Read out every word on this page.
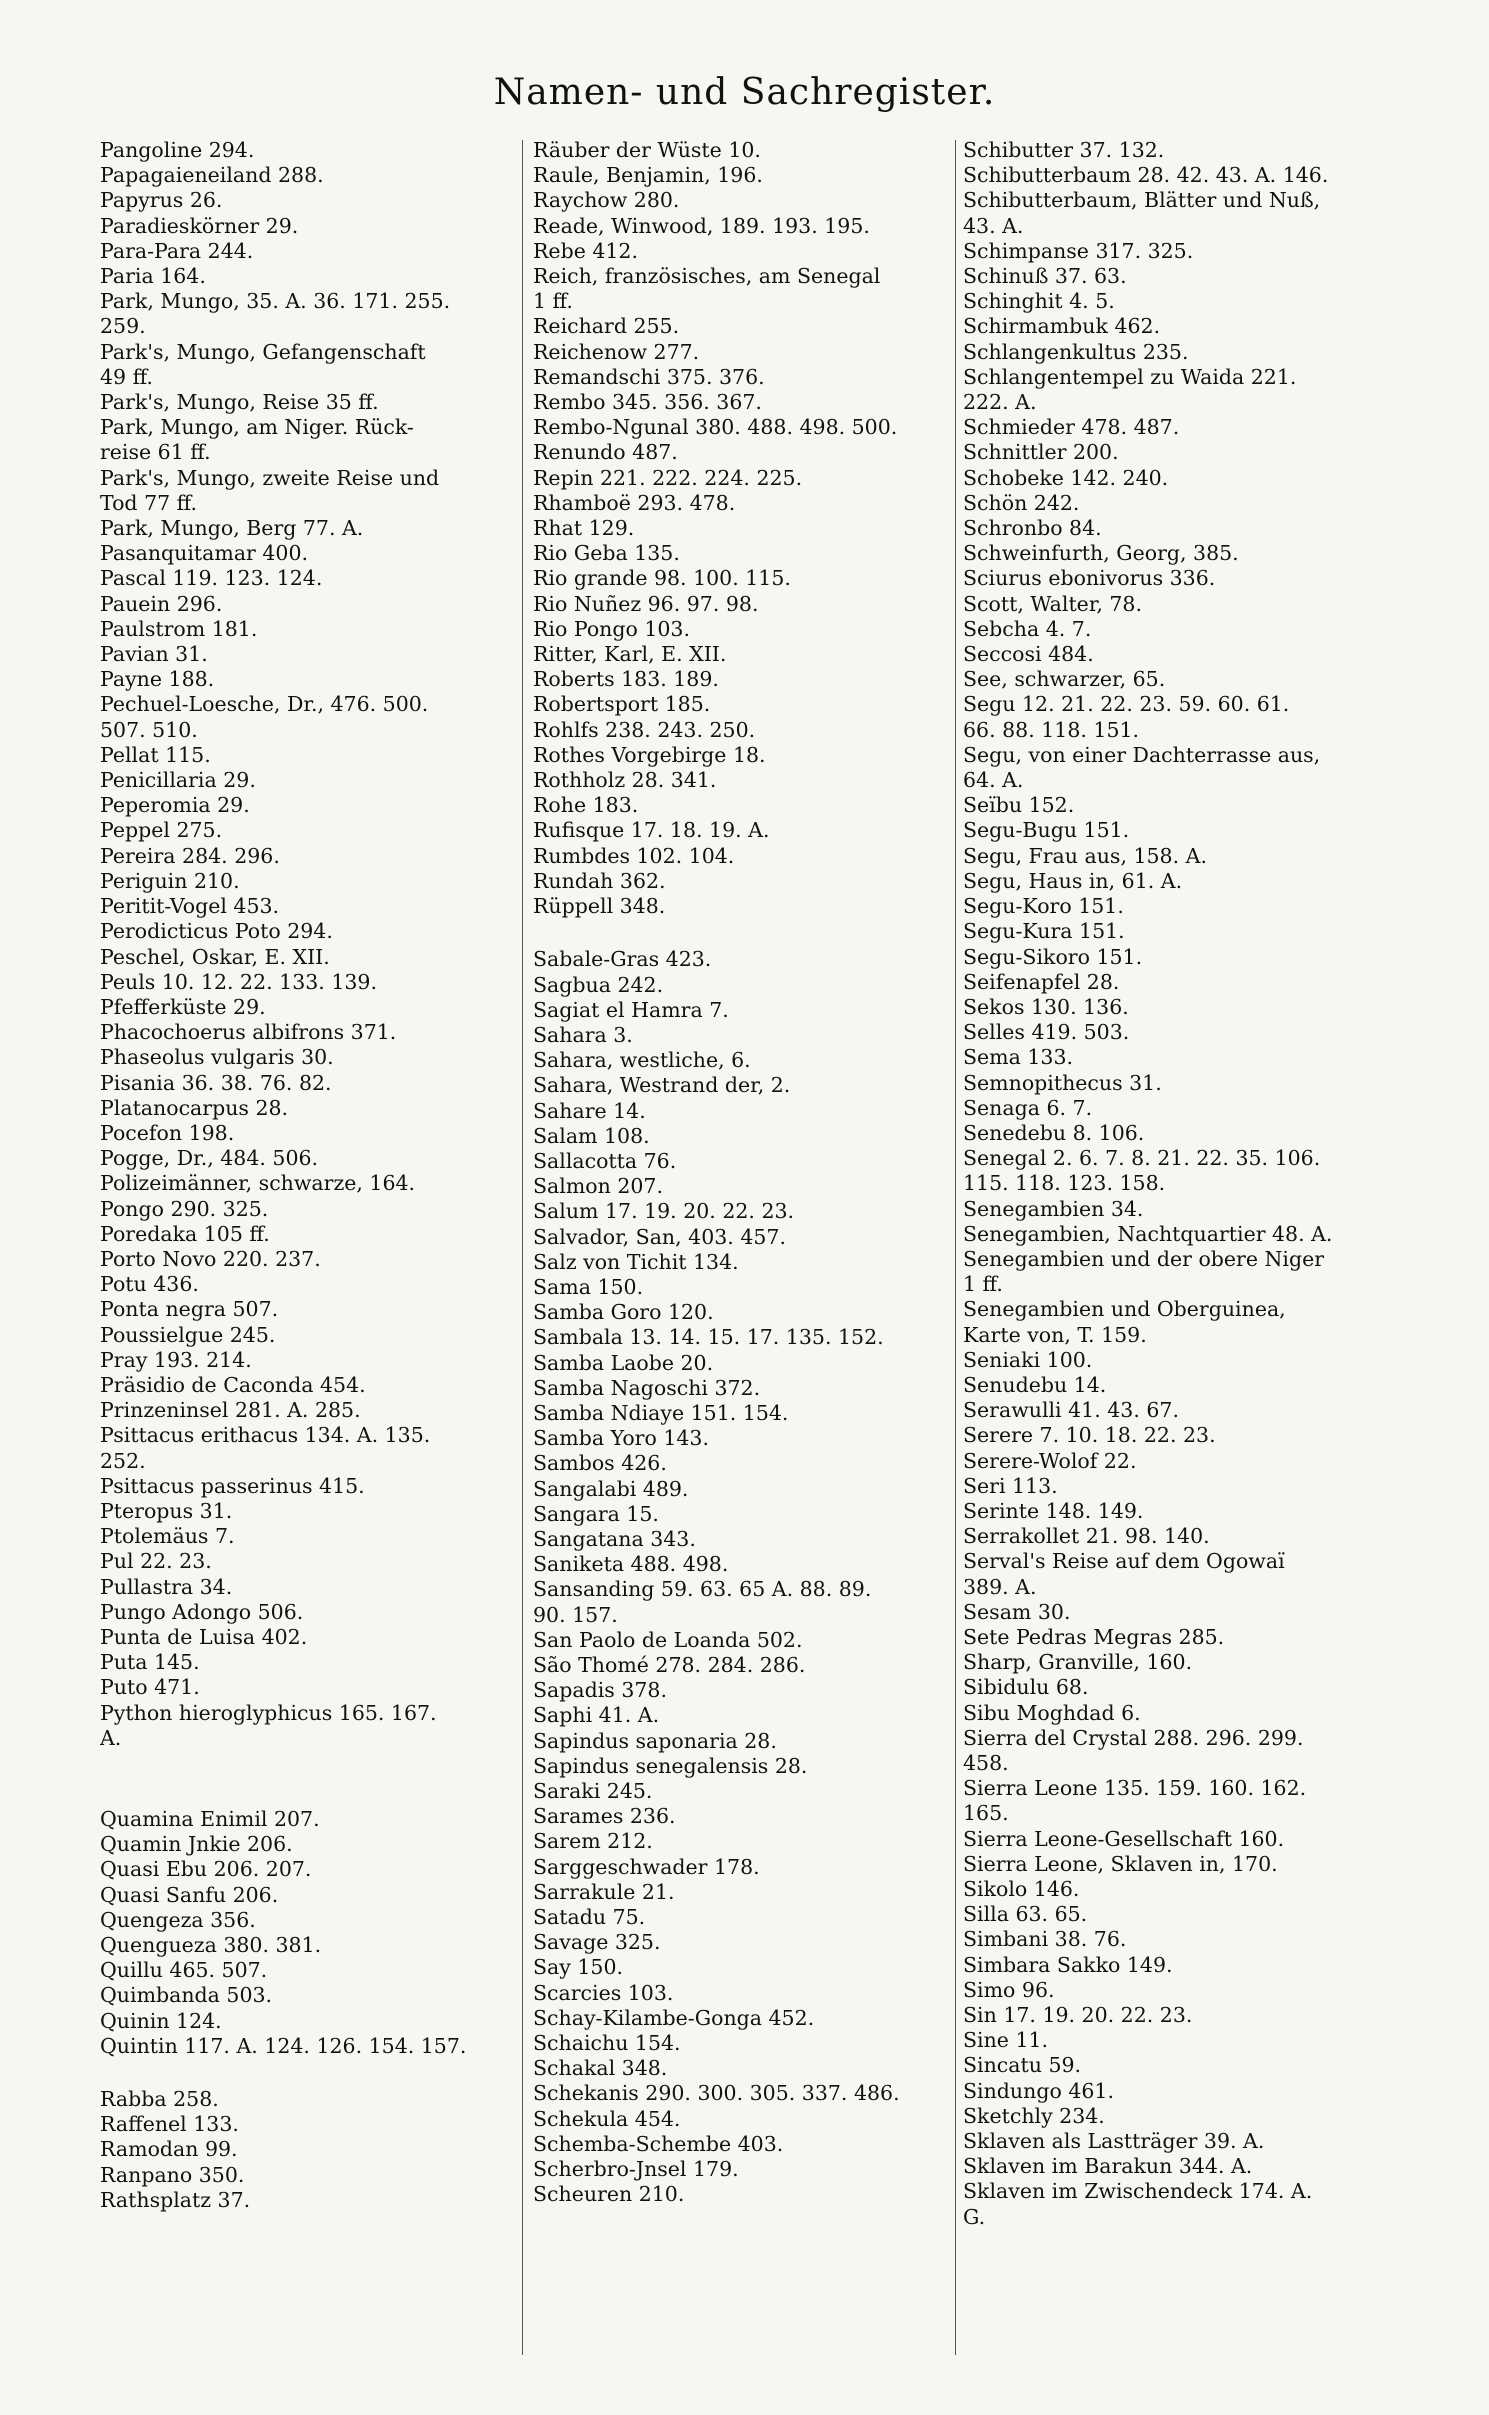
Namen- und Sachregister.
Pangoline 294.
Papagaieneiland 288.
Papyrus 26.
Paradieskörner 29.
Para-Para 244.
Paria 164.
Park, Mungo, 35. A. 36. 171. 255.
259.
Park's, Mungo, Gefangenschaft
49 ff.
Park's, Mungo, Reise 35 ff.
Park, Mungo, am Niger. Rück-
reise 61 ff.
Park's, Mungo, zweite Reise und
Tod 77 ff.
Park, Mungo, Berg 77. A.
Pasanquitamar 400.
Pascal 119. 123. 124.
Pauein 296.
Paulstrom 181.
Pavian 31.
Payne 188.
Pechuel-Loesche, Dr., 476. 500.
507. 510.
Pellat 115.
Penicillaria 29.
Peperomia 29.
Peppel 275.
Pereira 284. 296.
Periguin 210.
Peritit-Vogel 453.
Perodicticus Poto 294.
Peschel, Oskar, E. XII.
Peuls 10. 12. 22. 133. 139.
Pfefferküste 29.
Phacochoerus albifrons 371.
Phaseolus vulgaris 30.
Pisania 36. 38. 76. 82.
Platanocarpus 28.
Pocefon 198.
Pogge, Dr., 484. 506.
Polizeimänner, schwarze, 164.
Pongo 290. 325.
Poredaka 105 ff.
Porto Novo 220. 237.
Potu 436.
Ponta negra 507.
Poussielgue 245.
Pray 193. 214.
Präsidio de Caconda 454.
Prinzeninsel 281. A. 285.
Psittacus erithacus 134. A. 135.
252.
Psittacus passerinus 415.
Pteropus 31.
Ptolemäus 7.
Pul 22. 23.
Pullastra 34.
Pungo Adongo 506.
Punta de Luisa 402.
Puta 145.
Puto 471.
Python hieroglyphicus 165. 167.
A.
Quamina Enimil 207.
Quamin Jnkie 206.
Quasi Ebu 206. 207.
Quasi Sanfu 206.
Quengeza 356.
Quengueza 380. 381.
Quillu 465. 507.
Quimbanda 503.
Quinin 124.
Quintin 117. A. 124. 126. 154. 157.
Rabba 258.
Raffenel 133.
Ramodan 99.
Ranpano 350.
Rathsplatz 37.
Räuber der Wüste 10.
Raule, Benjamin, 196.
Raychow 280.
Reade, Winwood, 189. 193. 195.
Rebe 412.
Reich, französisches, am Senegal
1 ff.
Reichard 255.
Reichenow 277.
Remandschi 375. 376.
Rembo 345. 356. 367.
Rembo-Ngunal 380. 488. 498. 500.
Renundo 487.
Repin 221. 222. 224. 225.
Rhamboë 293. 478.
Rhat 129.
Rio Geba 135.
Rio grande 98. 100. 115.
Rio Nuñez 96. 97. 98.
Rio Pongo 103.
Ritter, Karl, E. XII.
Roberts 183. 189.
Robertsport 185.
Rohlfs 238. 243. 250.
Rothes Vorgebirge 18.
Rothholz 28. 341.
Rohe 183.
Rufisque 17. 18. 19. A.
Rumbdes 102. 104.
Rundah 362.
Rüppell 348.
Sabale-Gras 423.
Sagbua 242.
Sagiat el Hamra 7.
Sahara 3.
Sahara, westliche, 6.
Sahara, Westrand der, 2.
Sahare 14.
Salam 108.
Sallacotta 76.
Salmon 207.
Salum 17. 19. 20. 22. 23.
Salvador, San, 403. 457.
Salz von Tichit 134.
Sama 150.
Samba Goro 120.
Sambala 13. 14. 15. 17. 135. 152.
Samba Laobe 20.
Samba Nagoschi 372.
Samba Ndiaye 151. 154.
Samba Yoro 143.
Sambos 426.
Sangalabi 489.
Sangara 15.
Sangatana 343.
Saniketa 488. 498.
Sansanding 59. 63. 65 A. 88. 89.
90. 157.
San Paolo de Loanda 502.
São Thomé 278. 284. 286.
Sapadis 378.
Saphi 41. A.
Sapindus saponaria 28.
Sapindus senegalensis 28.
Saraki 245.
Sarames 236.
Sarem 212.
Sarggeschwader 178.
Sarrakule 21.
Satadu 75.
Savage 325.
Say 150.
Scarcies 103.
Schay-Kilambe-Gonga 452.
Schaichu 154.
Schakal 348.
Schekanis 290. 300. 305. 337. 486.
Schekula 454.
Schemba-Schembe 403.
Scherbro-Jnsel 179.
Scheuren 210.
Schibutter 37. 132.
Schibutterbaum 28. 42. 43. A. 146.
Schibutterbaum, Blätter und Nuß,
43. A.
Schimpanse 317. 325.
Schinuß 37. 63.
Schinghit 4. 5.
Schirmambuk 462.
Schlangenkultus 235.
Schlangentempel zu Waida 221.
222. A.
Schmieder 478. 487.
Schnittler 200.
Schobeke 142. 240.
Schön 242.
Schronbo 84.
Schweinfurth, Georg, 385.
Sciurus ebonivorus 336.
Scott, Walter, 78.
Sebcha 4. 7.
Seccosi 484.
See, schwarzer, 65.
Segu 12. 21. 22. 23. 59. 60. 61.
66. 88. 118. 151.
Segu, von einer Dachterrasse aus,
64. A.
Seïbu 152.
Segu-Bugu 151.
Segu, Frau aus, 158. A.
Segu, Haus in, 61. A.
Segu-Koro 151.
Segu-Kura 151.
Segu-Sikoro 151.
Seifenapfel 28.
Sekos 130. 136.
Selles 419. 503.
Sema 133.
Semnopithecus 31.
Senaga 6. 7.
Senedebu 8. 106.
Senegal 2. 6. 7. 8. 21. 22. 35. 106.
115. 118. 123. 158.
Senegambien 34.
Senegambien, Nachtquartier 48. A.
Senegambien und der obere Niger
1 ff.
Senegambien und Oberguinea,
Karte von, T. 159.
Seniaki 100.
Senudebu 14.
Serawulli 41. 43. 67.
Serere 7. 10. 18. 22. 23.
Serere-Wolof 22.
Seri 113.
Serinte 148. 149.
Serrakollet 21. 98. 140.
Serval's Reise auf dem Ogowaï
389. A.
Sesam 30.
Sete Pedras Megras 285.
Sharp, Granville, 160.
Sibidulu 68.
Sibu Moghdad 6.
Sierra del Crystal 288. 296. 299.
458.
Sierra Leone 135. 159. 160. 162.
165.
Sierra Leone-Gesellschaft 160.
Sierra Leone, Sklaven in, 170.
Sikolo 146.
Silla 63. 65.
Simbani 38. 76.
Simbara Sakko 149.
Simo 96.
Sin 17. 19. 20. 22. 23.
Sine 11.
Sincatu 59.
Sindungo 461.
Sketchly 234.
Sklaven als Lastträger 39. A.
Sklaven im Barakun 344. A.
Sklaven im Zwischendeck 174. A.
G.
